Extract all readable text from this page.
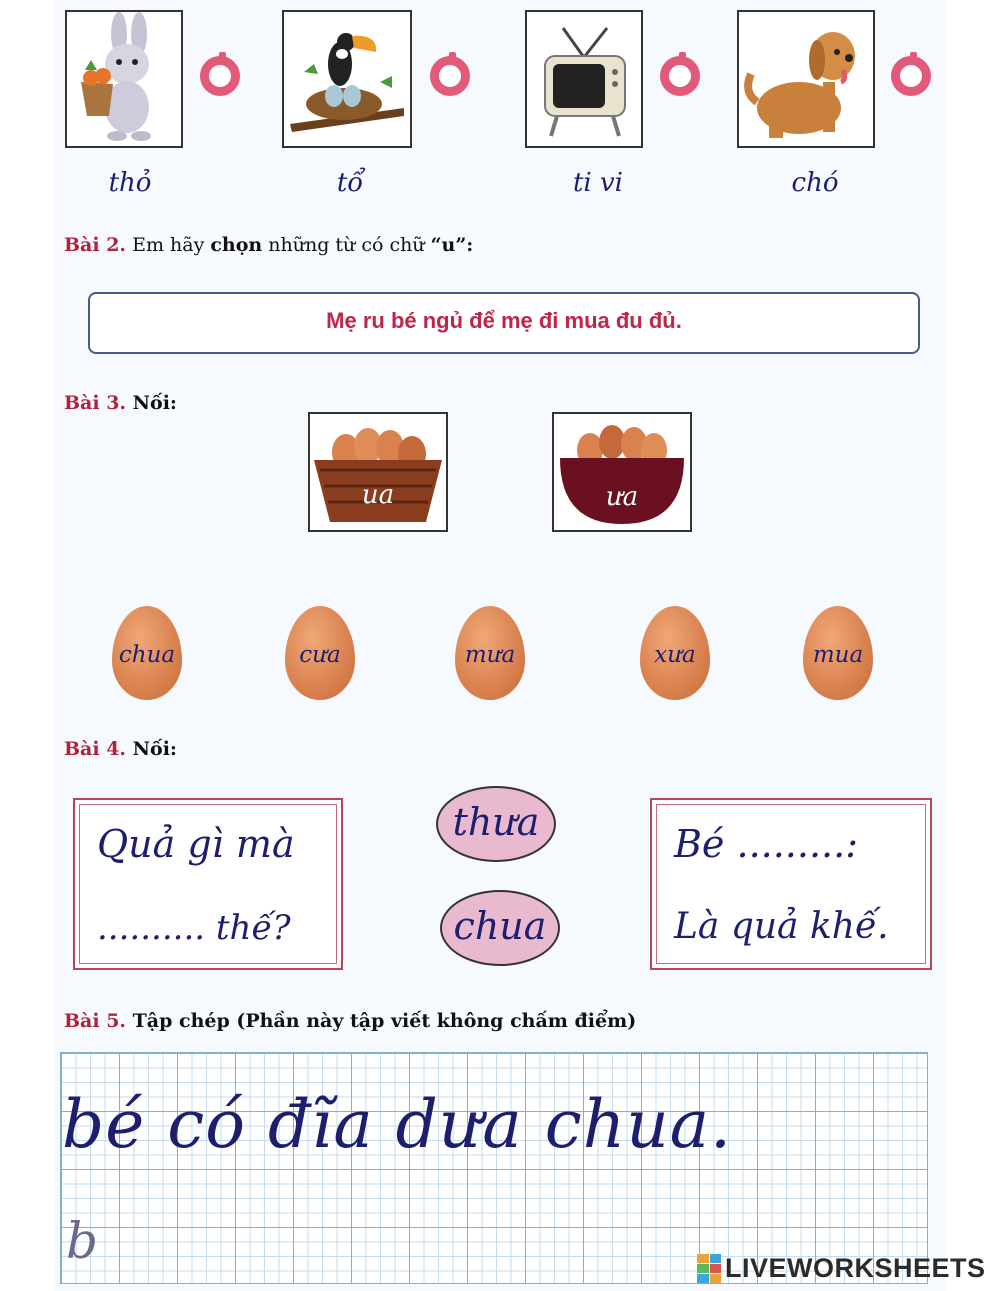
thỏ	tổ	ti vi	chó
Bài 2. Em hãy chọn những từ có chữ “u”:
Mẹ ru bé ngủ để mẹ đi mua đu đủ.
Bài 3. Nối:
ua	ưa
chua	cưa	mưa	xưa	mua
Bài 4. Nối:
Quả gì mà
.......... thế?
thưa
chua
Bé .........:
Là quả khế.
Bài 5. Tập chép (Phần này tập viết không chấm điểm)
bé có đĩa dưa chua.
b	LIVEWORKSHEETS
